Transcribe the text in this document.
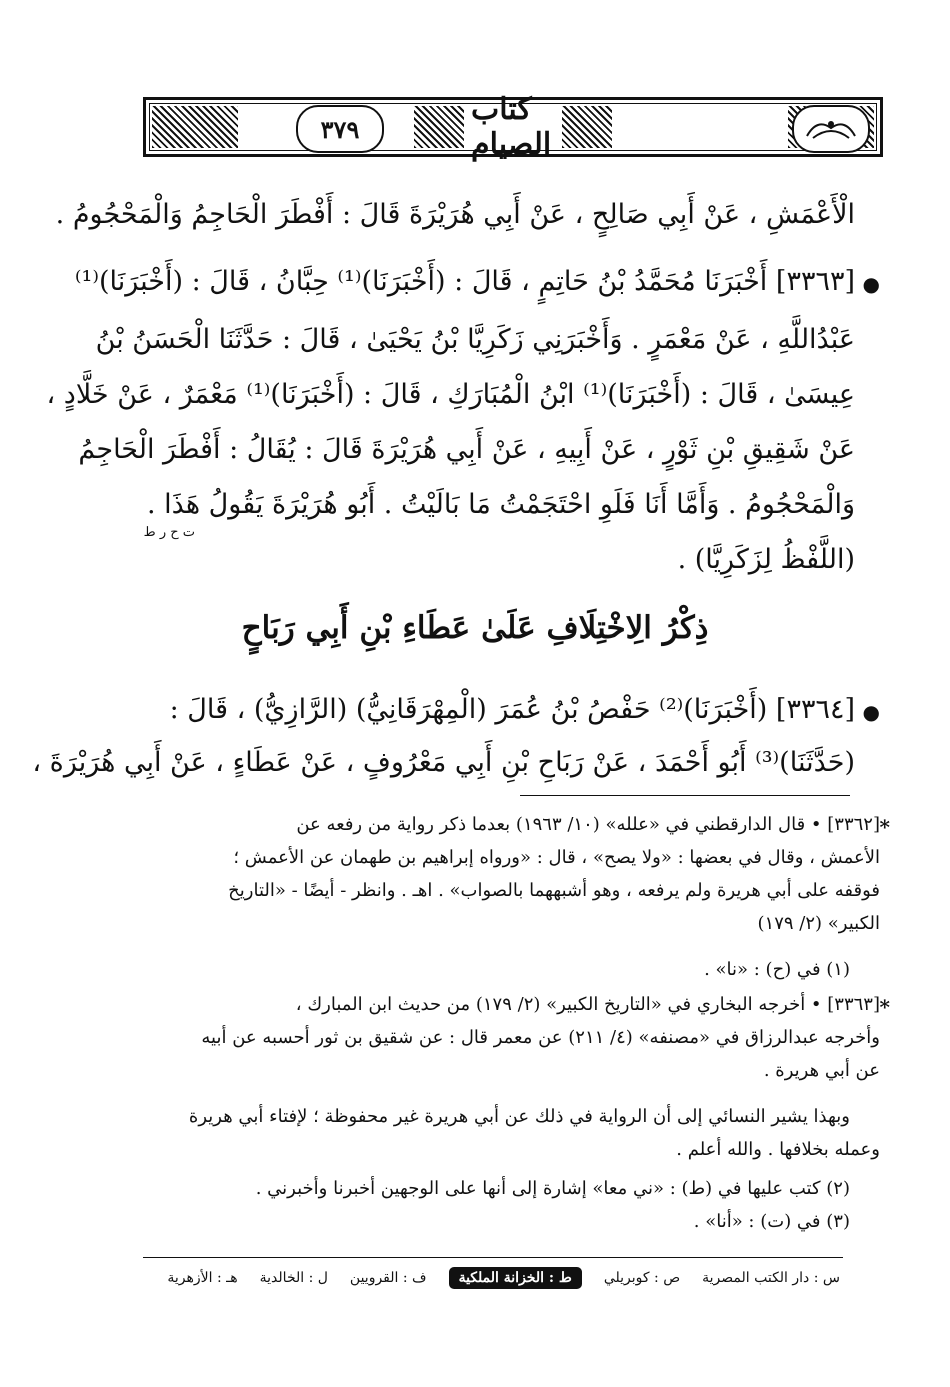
٣٧٩
كتاب الصيام
الْأَعْمَشِ ، عَنْ أَبِي صَالِحٍ ، عَنْ أَبِي هُرَيْرَةَ قَالَ : أَفْطَرَ الْحَاجِمُ وَالْمَحْجُومُ .
●
[٣٣٦٣] أَخْبَرَنَا مُحَمَّدُ بْنُ حَاتِمٍ ، قَالَ : (أَخْبَرَنَا)⁽¹⁾ حِبَّانُ ، قَالَ : (أَخْبَرَنَا)⁽¹⁾
عَبْدُاللَّهِ ، عَنْ مَعْمَرٍ . وَأَخْبَرَنِي زَكَرِيَّا بْنُ يَحْيَىٰ ، قَالَ : حَدَّثَنَا الْحَسَنُ بْنُ
عِيسَىٰ ، قَالَ : (أَخْبَرَنَا)⁽¹⁾ ابْنُ الْمُبَارَكِ ، قَالَ : (أَخْبَرَنَا)⁽¹⁾ مَعْمَرٌ ، عَنْ خَلَّادٍ ،
عَنْ شَقِيقِ بْنِ ثَوْرٍ ، عَنْ أَبِيهِ ، عَنْ أَبِي هُرَيْرَةَ قَالَ : يُقَالُ : أَفْطَرَ الْحَاجِمُ
وَالْمَحْجُومُ . وَأَمَّا أَنَا فَلَوِ احْتَجَمْتُ مَا بَالَيْتُ . أَبُو هُرَيْرَةَ يَقُولُ هَذَا .
ت ح ر ط
(اللَّفْظُ لِزَكَرِيَّا) .
ذِكْرُ الِاخْتِلَافِ عَلَىٰ عَطَاءِ بْنِ أَبِي رَبَاحٍ
●
[٣٣٦٤] (أَخْبَرَنَا)⁽²⁾ حَفْصُ بْنُ عُمَرَ (الْمِهْرَقَانِيُّ) (الرَّازِيُّ) ، قَالَ :
(حَدَّثَنَا)⁽³⁾ أَبُو أَحْمَدَ ، عَنْ رَبَاحِ بْنِ أَبِي مَعْرُوفٍ ، عَنْ عَطَاءٍ ، عَنْ أَبِي هُرَيْرَةَ ،
[٣٣٦٢] • قال الدارقطني في «علله» (١٠/ ١٩٦٣) بعدما ذكر رواية من رفعه عن *
الأعمش ، وقال في بعضها : «ولا يصح» ، قال : «ورواه إبراهيم بن طهمان عن الأعمش ؛
فوقفه على أبي هريرة ولم يرفعه ، وهو أشبههما بالصواب» . اهـ . وانظر - أيضًا - «التاريخ
الكبير» (٢/ ١٧٩)
(١) في (ح) : «نا» .
[٣٣٦٣] • أخرجه البخاري في «التاريخ الكبير» (٢/ ١٧٩) من حديث ابن المبارك ، *
وأخرجه عبدالرزاق في «مصنفه» (٤/ ٢١١) عن معمر قال : عن شقيق بن ثور أحسبه عن أبيه
عن أبي هريرة .
وبهذا يشير النسائي إلى أن الرواية في ذلك عن أبي هريرة غير محفوظة ؛ لإفتاء أبي هريرة
وعمله بخلافها . والله أعلم .
(٢) كتب عليها في (ط) : «ني معا» إشارة إلى أنها على الوجهين أخبرنا وأخبرني .
(٣) في (ت) : «أنا» .
س : دار الكتب المصرية
ص : كوبريلي
ط : الخزانة الملكية
ف : القرويين
ل : الخالدية
هـ : الأزهرية
